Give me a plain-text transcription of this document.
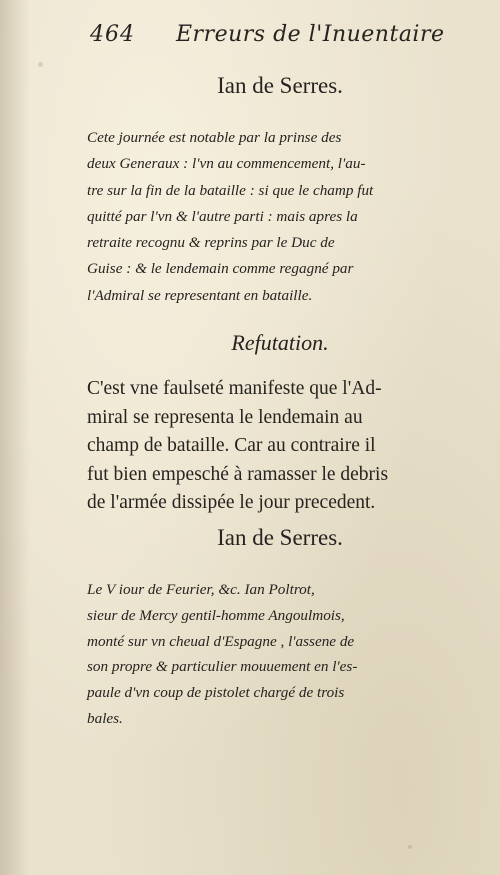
464 Erreurs de l'Inuentaire
Ian de Serres.
Cete journée est notable par la prinse des
deux Generaux : l'vn au commencement, l'au-
tre sur la fin de la bataille : si que le champ fut
quitté par l'vn & l'autre parti : mais apres la
retraite recognu & reprins par le Duc de
Guise : & le lendemain comme regagné par
l'Admiral se representant en bataille.
Refutation.
C'est vne faulseté manifeste que l'Ad-
miral se representa le lendemain au
champ de bataille. Car au contraire il
fut bien empesché à ramasser le debris
de l'armée dissipée le jour precedent.
Ian de Serres.
Le V iour de Feurier, &c. Ian Poltrot,
sieur de Mercy gentil-homme Angoulmois,
monté sur vn cheual d'Espagne , l'assene de
son propre & particulier mouuement en l'es-
paule d'vn coup de pistolet chargé de trois
bales.
